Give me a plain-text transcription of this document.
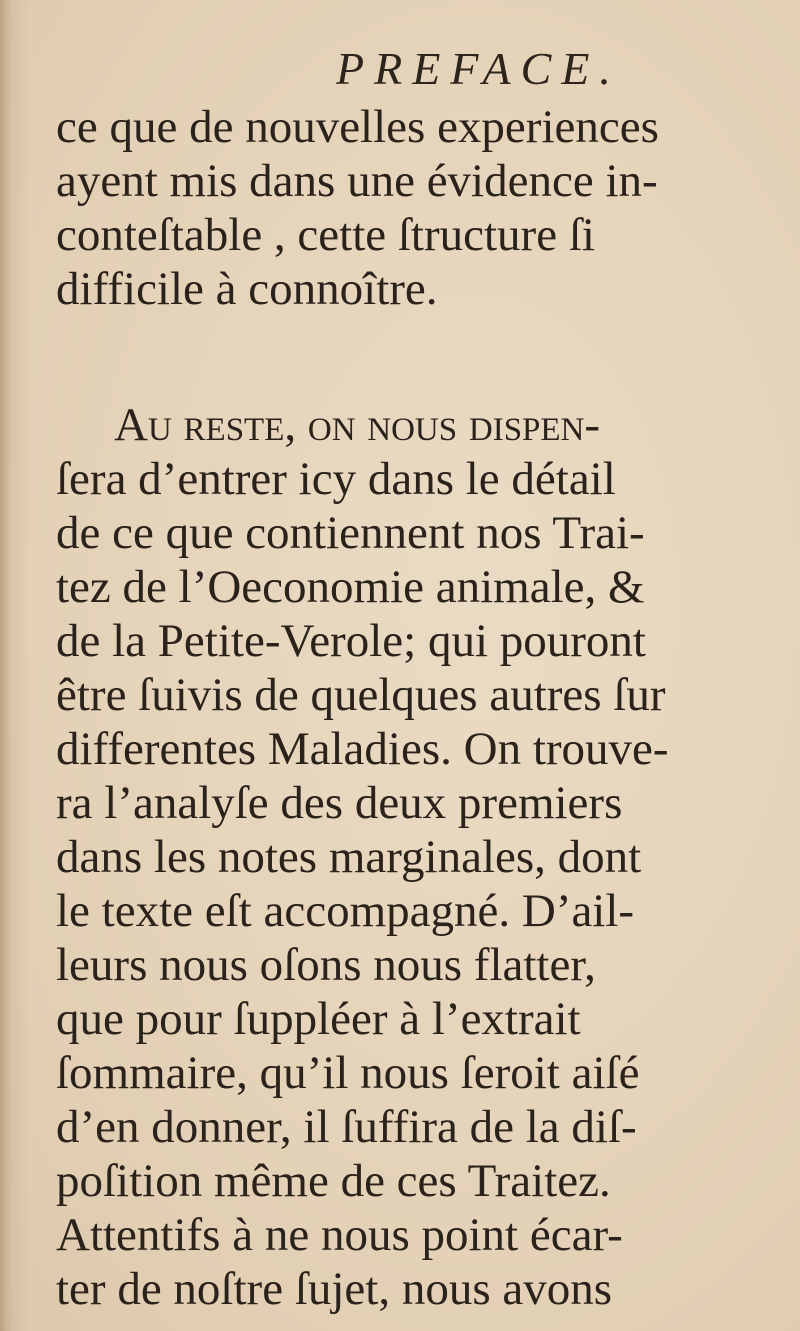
PREFACE.
ce que de nouvelles experiences
ayent mis dans une évidence in-
conteſtable , cette ſtructure ſi
difficile à connoître.
Au reste, on nous diſpen-
ſera d’entrer icy dans le détail
de ce que contiennent nos Trai-
tez de l’Oeconomie animale, &
de la Petite-Verole; qui pouront
être ſuivis de quelques autres ſur
differentes Maladies. On trouve-
ra l’analyſe des deux premiers
dans les notes marginales, dont
le texte eſt accompagné. D’ail-
leurs nous oſons nous flatter,
que pour ſuppléer à l’extrait
ſommaire, qu’il nous ſeroit aiſé
d’en donner, il ſuffira de la diſ-
poſition même de ces Traitez.
Attentifs à ne nous point écar-
ter de noſtre ſujet, nous avons
